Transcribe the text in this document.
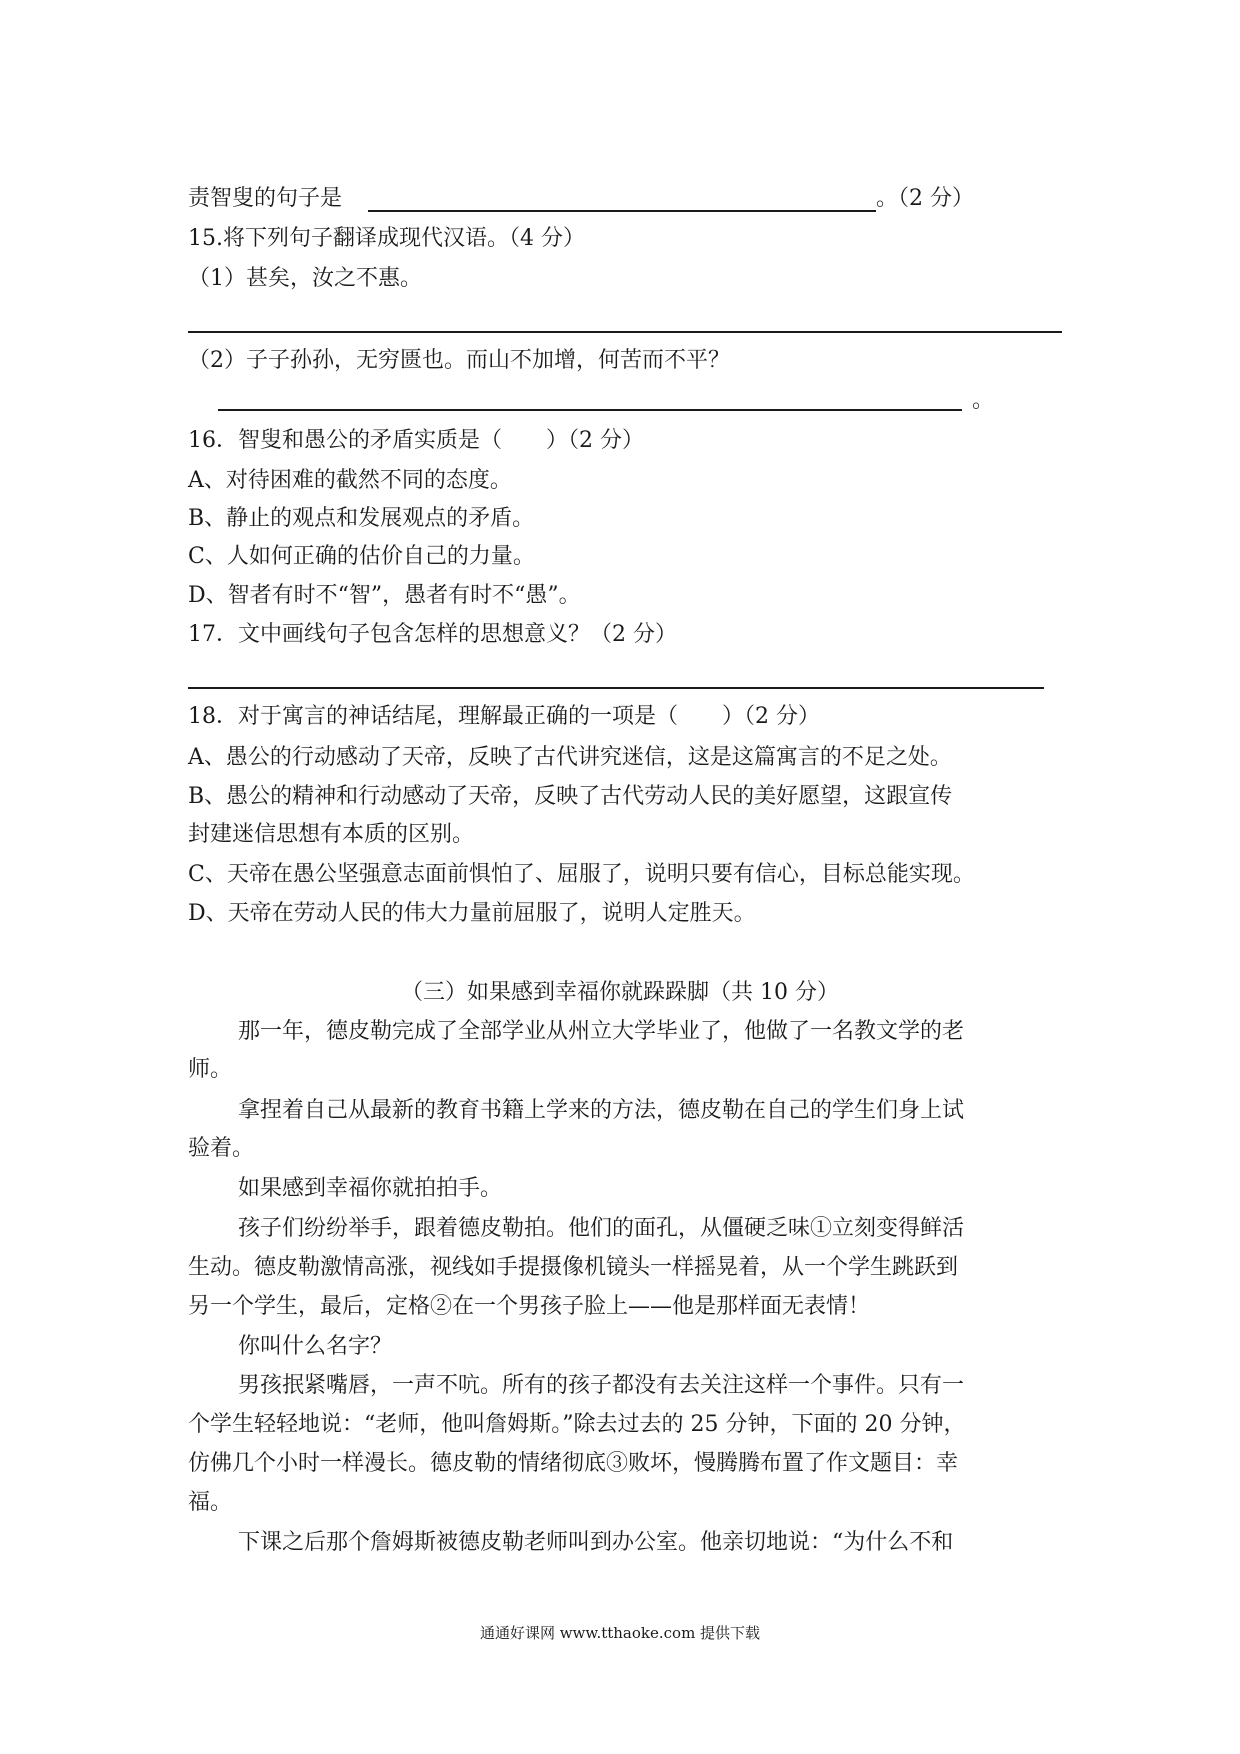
责智叟的句子是	。（2 分）
15.将下列句子翻译成现代汉语。（4 分）
（1）甚矣，汝之不惠。
（2）子子孙孙，无穷匮也。而山不加增，何苦而不平？
。
16．智叟和愚公的矛盾实质是（　　）（2 分）
A、对待困难的截然不同的态度。
B、静止的观点和发展观点的矛盾。
C、人如何正确的估价自己的力量。
D、智者有时不“智”，愚者有时不“愚”。
17．文中画线句子包含怎样的思想意义？（2 分）
18．对于寓言的神话结尾，理解最正确的一项是（　　）（2 分）
A、愚公的行动感动了天帝，反映了古代讲究迷信，这是这篇寓言的不足之处。
B、愚公的精神和行动感动了天帝，反映了古代劳动人民的美好愿望，这跟宣传
封建迷信思想有本质的区别。
C、天帝在愚公坚强意志面前惧怕了、屈服了，说明只要有信心，目标总能实现。
D、天帝在劳动人民的伟大力量前屈服了，说明人定胜天。
（三）如果感到幸福你就跺跺脚（共 10 分）
那一年，德皮勒完成了全部学业从州立大学毕业了，他做了一名教文学的老
师。
拿捏着自己从最新的教育书籍上学来的方法，德皮勒在自己的学生们身上试
验着。
如果感到幸福你就拍拍手。
孩子们纷纷举手，跟着德皮勒拍。他们的面孔，从僵硬乏味①立刻变得鲜活
生动。德皮勒激情高涨，视线如手提摄像机镜头一样摇晃着，从一个学生跳跃到
另一个学生，最后，定格②在一个男孩子脸上——他是那样面无表情！
你叫什么名字？
男孩抿紧嘴唇，一声不吭。所有的孩子都没有去关注这样一个事件。只有一
个学生轻轻地说：“老师，他叫詹姆斯。”除去过去的 25 分钟，下面的 20 分钟，
仿佛几个小时一样漫长。德皮勒的情绪彻底③败坏，慢腾腾布置了作文题目：幸
福。
下课之后那个詹姆斯被德皮勒老师叫到办公室。他亲切地说：“为什么不和
通通好课网 www.tthaoke.com 提供下载
